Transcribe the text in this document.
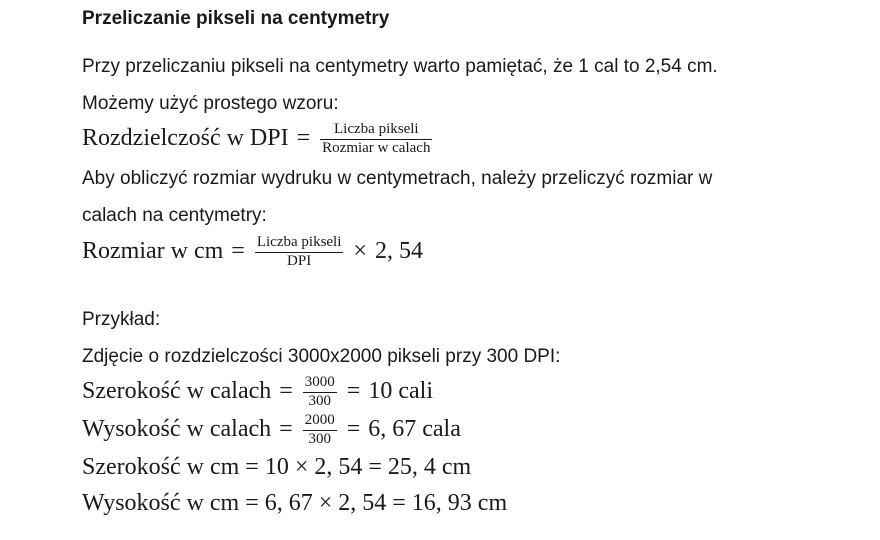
Przeliczanie pikseli na centymetry
Przy przeliczaniu pikseli na centymetry warto pamiętać, że 1 cal to 2,54 cm.
Możemy użyć prostego wzoru:
Rozdzielczość w DPI = $\frac{\text{Liczba pikseli}}{\text{Rozmiar w calach}}$
Aby obliczyć rozmiar wydruku w centymetrach, należy przeliczyć rozmiar w
calach na centymetry:
Rozmiar w cm = $\frac{\text{Liczba pikseli}}{\text{DPI}} \times 2$, 54
Przykład:
Zdjęcie o rozdzielczości 3000x2000 pikseli przy 300 DPI:
Szerokość w calach = $\frac{3000}{300} = 10$ cali
Wysokość w calach = $\frac{2000}{300} = 6$, 67 cala
Szerokość w cm = 10 × 2, 54 = 25, 4 cm
Wysokość w cm = 6, 67 × 2, 54 = 16, 93 cm
